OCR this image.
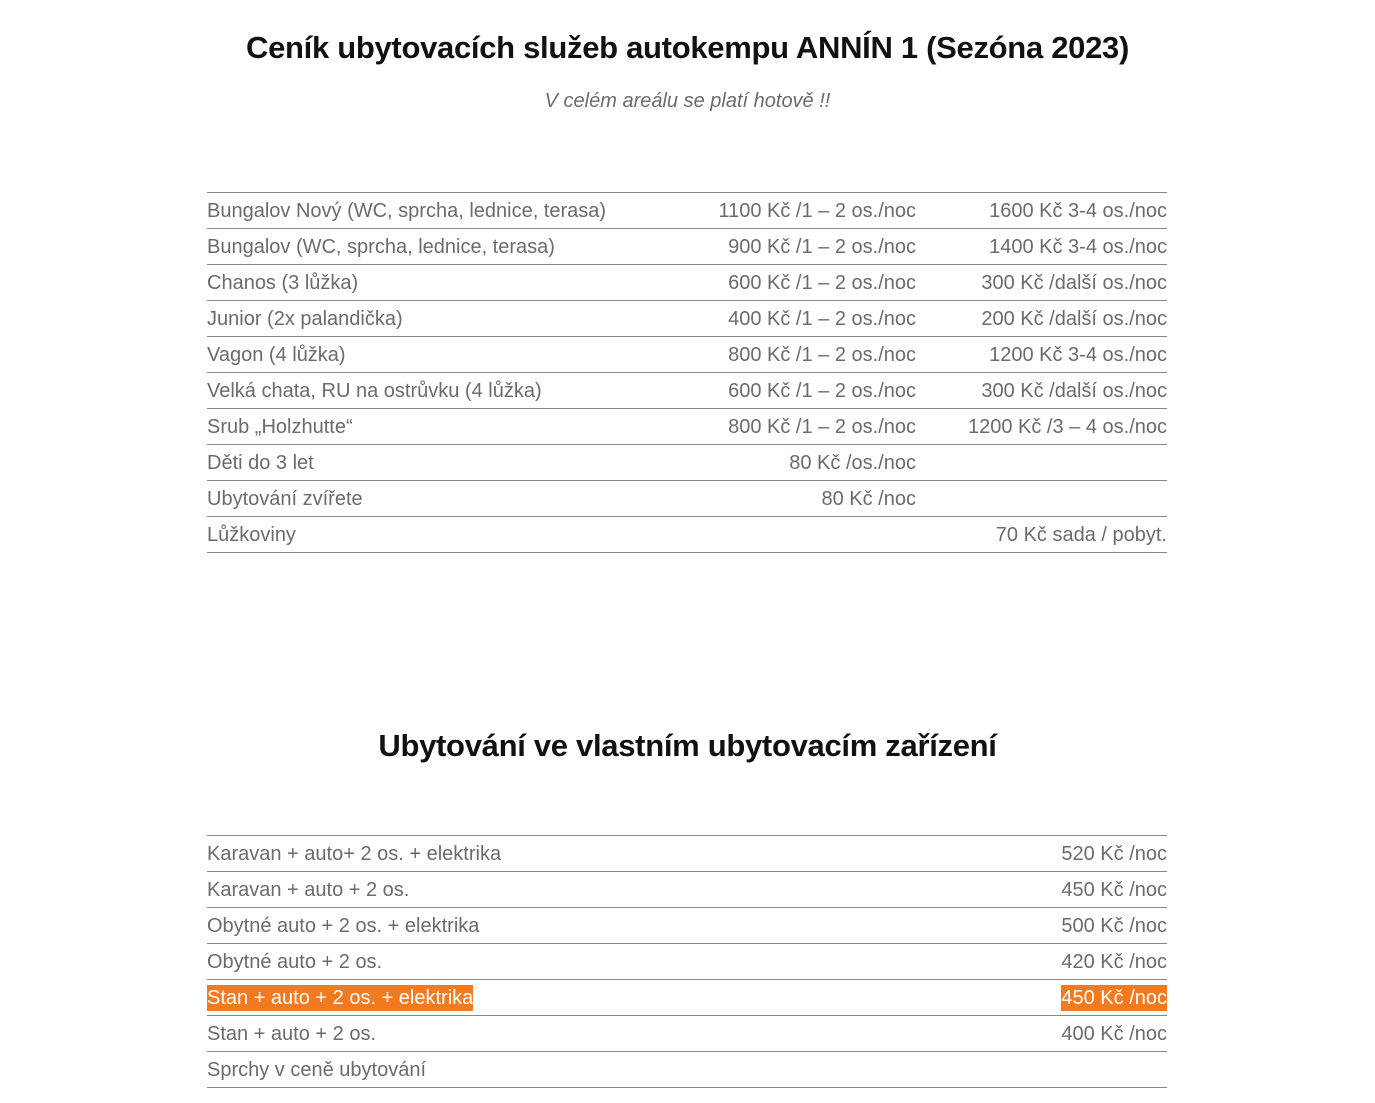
Ceník ubytovacích služeb autokempu ANNÍN 1 (Sezóna 2023)

V celém areálu se platí hotově !!

Bungalov Nový (WC, sprcha, lednice, terasa)	1100 Kč /1 – 2 os./noc	1600 Kč 3-4 os./noc
Bungalov (WC, sprcha, lednice, terasa)	900 Kč /1 – 2 os./noc	1400 Kč 3-4 os./noc
Chanos (3 lůžka)	600 Kč /1 – 2 os./noc	300 Kč /další os./noc
Junior (2x palandička)	400 Kč /1 – 2 os./noc	200 Kč /další os./noc
Vagon (4 lůžka)	800 Kč /1 – 2 os./noc	1200 Kč 3-4 os./noc
Velká chata, RU na ostrůvku (4 lůžka)	600 Kč /1 – 2 os./noc	300 Kč /další os./noc
Srub „Holzhutte“	800 Kč /1 – 2 os./noc	1200 Kč /3 – 4 os./noc
Děti do 3 let	80 Kč /os./noc	
Ubytování zvířete	80 Kč /noc	
Lůžkoviny		70 Kč sada / pobyt.
Ubytování ve vlastním ubytovacím zařízení
Karavan + auto+ 2 os. + elektrika	520 Kč /noc
Karavan + auto + 2 os.	450 Kč /noc
Obytné auto + 2 os. + elektrika	500 Kč /noc
Obytné auto + 2 os.	420 Kč /noc
Stan + auto + 2 os. + elektrika	450 Kč /noc
Stan + auto + 2 os.	400 Kč /noc
Sprchy v ceně ubytování	
